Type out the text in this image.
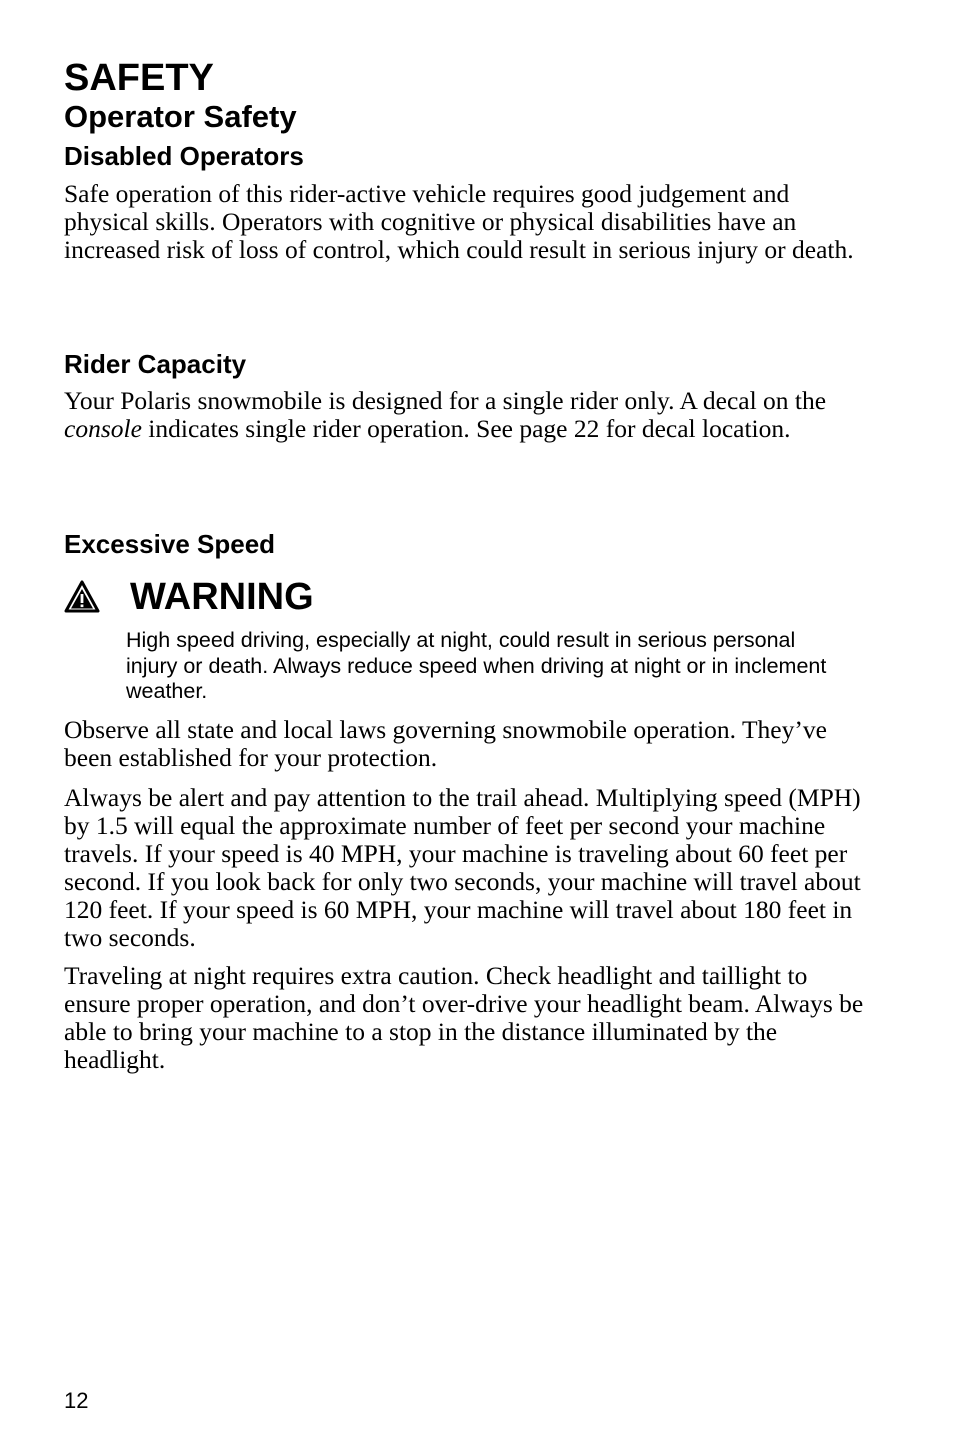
SAFETY
Operator Safety
Disabled Operators

Safe operation of this rider-active vehicle requires good judgement and physical skills. Operators with cognitive or physical disabilities have an increased risk of loss of control, which could result in serious injury or death.

Rider Capacity

Your Polaris snowmobile is designed for a single rider only. A decal on the console indicates single rider operation. See page 22 for decal location.

Excessive Speed
WARNING

High speed driving, especially at night, could result in serious personal injury or death. Always reduce speed when driving at night or in inclement weather.

Observe all state and local laws governing snowmobile operation. They’ve been established for your protection.

Always be alert and pay attention to the trail ahead. Multiplying speed (MPH) by 1.5 will equal the approximate number of feet per second your machine travels. If your speed is 40 MPH, your machine is traveling about 60 feet per second. If you look back for only two seconds, your machine will travel about 120 feet. If your speed is 60 MPH, your machine will travel about 180 feet in two seconds.

Traveling at night requires extra caution. Check headlight and taillight to ensure proper operation, and don’t over-drive your headlight beam. Always be able to bring your machine to a stop in the distance illuminated by the headlight.

12
